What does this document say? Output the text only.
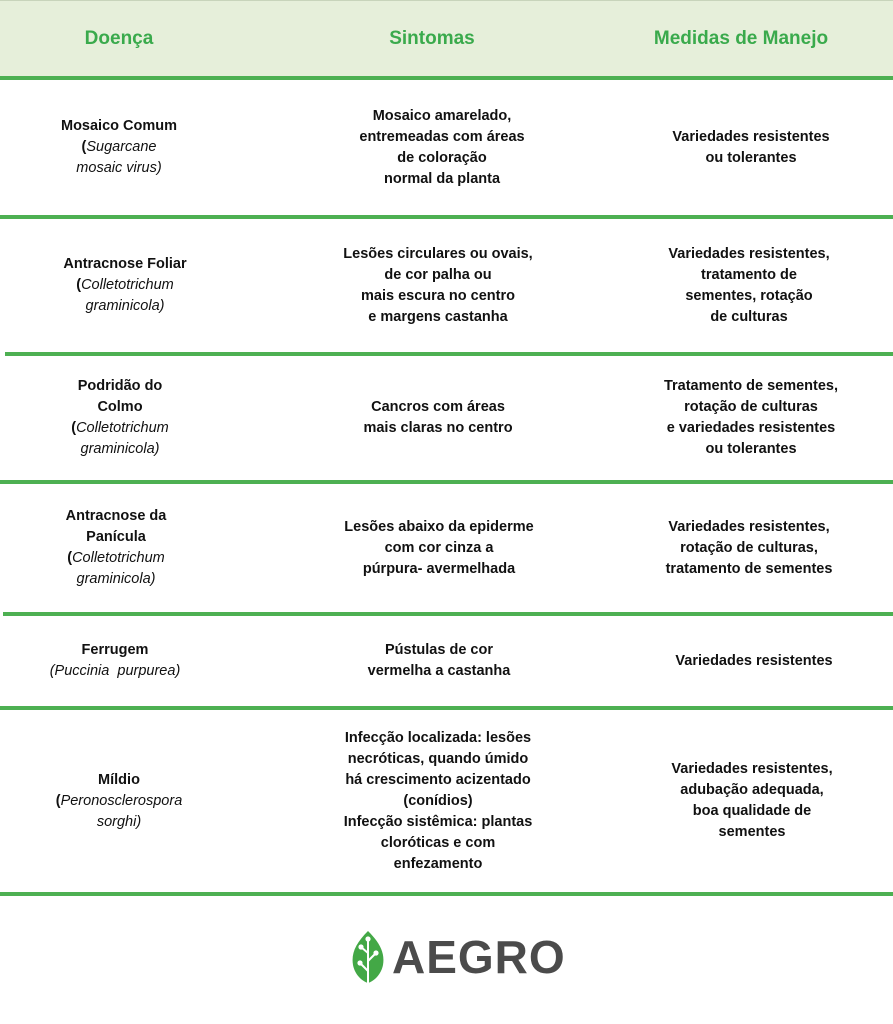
Doença	Sintomas	Medidas de Manejo
Mosaico Comum
(Sugarcane
mosaic virus)
Mosaico amarelado,
entremeadas com áreas
de coloração
normal da planta
Variedades resistentes
ou tolerantes
Antracnose Foliar
(Colletotrichum
graminicola)
Lesões circulares ou ovais,
de cor palha ou
mais escura no centro
e margens castanha
Variedades resistentes,
tratamento de
sementes, rotação
de culturas
Podridão do
Colmo
(Colletotrichum
graminicola)
Cancros com áreas
mais claras no centro
Tratamento de sementes,
rotação de culturas
e variedades resistentes
ou tolerantes
Antracnose da
Panícula
(Colletotrichum
graminicola)
Lesões abaixo da epiderme
com cor cinza a
púrpura- avermelhada
Variedades resistentes,
rotação de culturas,
tratamento de sementes
Ferrugem
(Puccinia  purpurea)
Pústulas de cor
vermelha a castanha
Variedades resistentes
Míldio
(Peronosclerospora
sorghi)
Infecção localizada: lesões
necróticas, quando úmido
há crescimento acizentado
(conídios)
Infecção sistêmica: plantas
cloróticas e com
enfezamento
Variedades resistentes,
adubação adequada,
boa qualidade de
sementes
AEGRO
